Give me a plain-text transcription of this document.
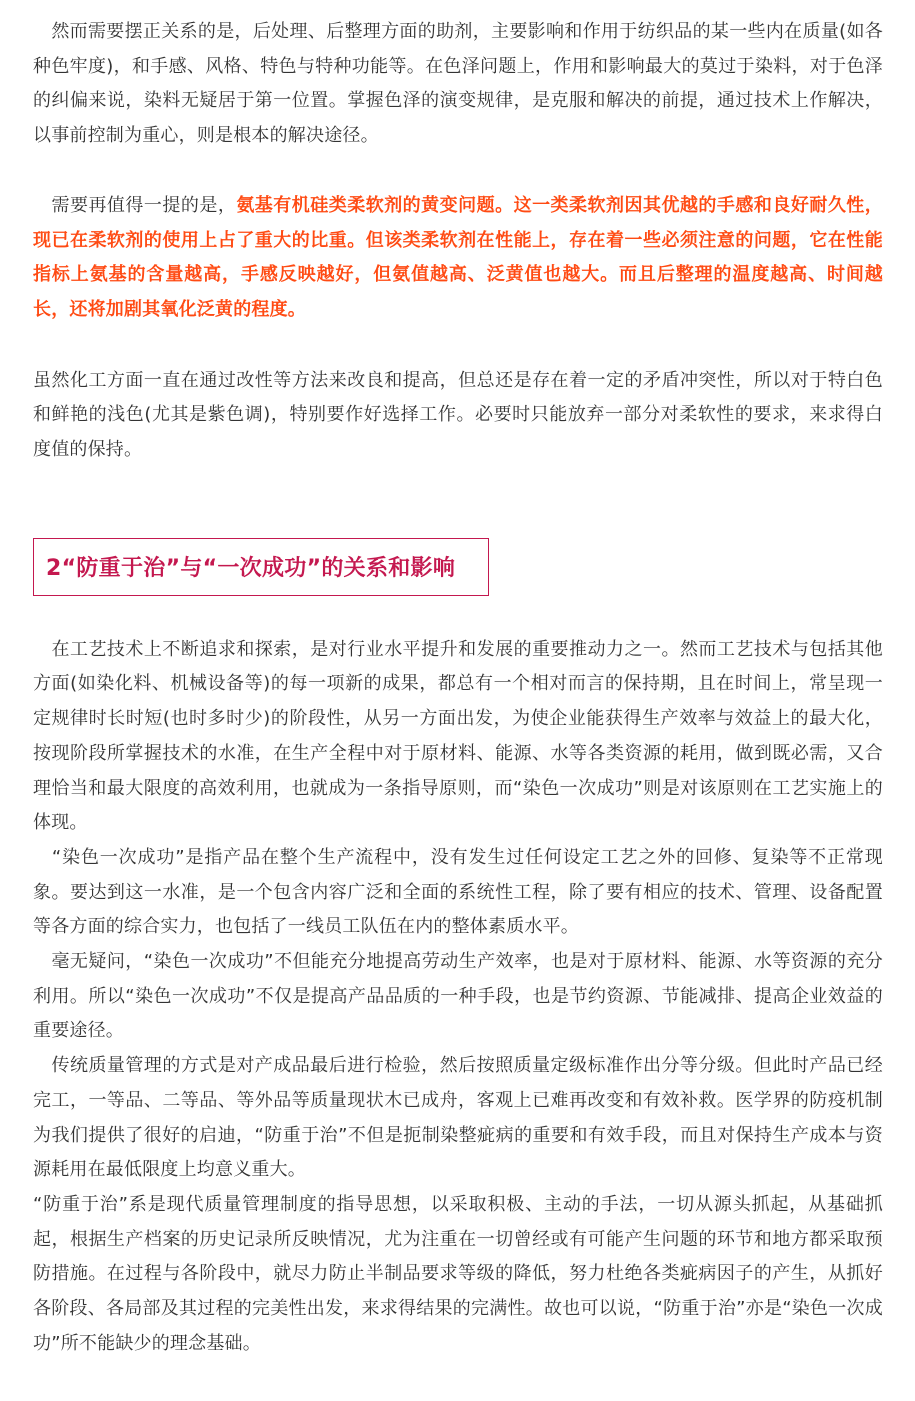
　然而需要摆正关系的是，后处理、后整理方面的助剂，主要影响和作用于纺织品的某一些内在质量(如各种色牢度)，和手感、风格、特色与特种功能等。在色泽问题上，作用和影响最大的莫过于染料，对于色泽的纠偏来说，染料无疑居于第一位置。掌握色泽的演变规律，是克服和解决的前提，通过技术上作解决，以事前控制为重心，则是根本的解决途径。

　需要再值得一提的是，氨基有机硅类柔软剂的黄变问题。这一类柔软剂因其优越的手感和良好耐久性，现已在柔软剂的使用上占了重大的比重。但该类柔软剂在性能上，存在着一些必须注意的问题，它在性能指标上氨基的含量越高，手感反映越好，但氨值越高、泛黄值也越大。而且后整理的温度越高、时间越长，还将加剧其氧化泛黄的程度。

虽然化工方面一直在通过改性等方法来改良和提高，但总还是存在着一定的矛盾冲突性，所以对于特白色和鲜艳的浅色(尤其是紫色调)，特别要作好选择工作。必要时只能放弃一部分对柔软性的要求，来求得白度值的保持。

2“防重于治”与“一次成功”的关系和影响

　在工艺技术上不断追求和探索，是对行业水平提升和发展的重要推动力之一。然而工艺技术与包括其他方面(如染化料、机械设备等)的每一项新的成果，都总有一个相对而言的保持期，且在时间上，常呈现一定规律时长时短(也时多时少)的阶段性，从另一方面出发，为使企业能获得生产效率与效益上的最大化，按现阶段所掌握技术的水准，在生产全程中对于原材料、能源、水等各类资源的耗用，做到既必需，又合理恰当和最大限度的高效利用，也就成为一条指导原则，而“染色一次成功”则是对该原则在工艺实施上的体现。

　“染色一次成功”是指产品在整个生产流程中，没有发生过任何设定工艺之外的回修、复染等不正常现象。要达到这一水准，是一个包含内容广泛和全面的系统性工程，除了要有相应的技术、管理、设备配置等各方面的综合实力，也包括了一线员工队伍在内的整体素质水平。

　毫无疑问，“染色一次成功”不但能充分地提高劳动生产效率，也是对于原材料、能源、水等资源的充分利用。所以“染色一次成功”不仅是提高产品品质的一种手段，也是节约资源、节能减排、提高企业效益的重要途径。

　传统质量管理的方式是对产成品最后进行检验，然后按照质量定级标准作出分等分级。但此时产品已经完工，一等品、二等品、等外品等质量现状木已成舟，客观上已难再改变和有效补救。医学界的防疫机制为我们提供了很好的启迪，“防重于治”不但是扼制染整疵病的重要和有效手段，而且对保持生产成本与资源耗用在最低限度上均意义重大。

“防重于治”系是现代质量管理制度的指导思想，以采取积极、主动的手法，一切从源头抓起，从基础抓起，根据生产档案的历史记录所反映情况，尤为注重在一切曾经或有可能产生问题的环节和地方都采取预防措施。在过程与各阶段中，就尽力防止半制品要求等级的降低，努力杜绝各类疵病因子的产生，从抓好各阶段、各局部及其过程的完美性出发，来求得结果的完满性。故也可以说，“防重于治”亦是“染色一次成功”所不能缺少的理念基础。
